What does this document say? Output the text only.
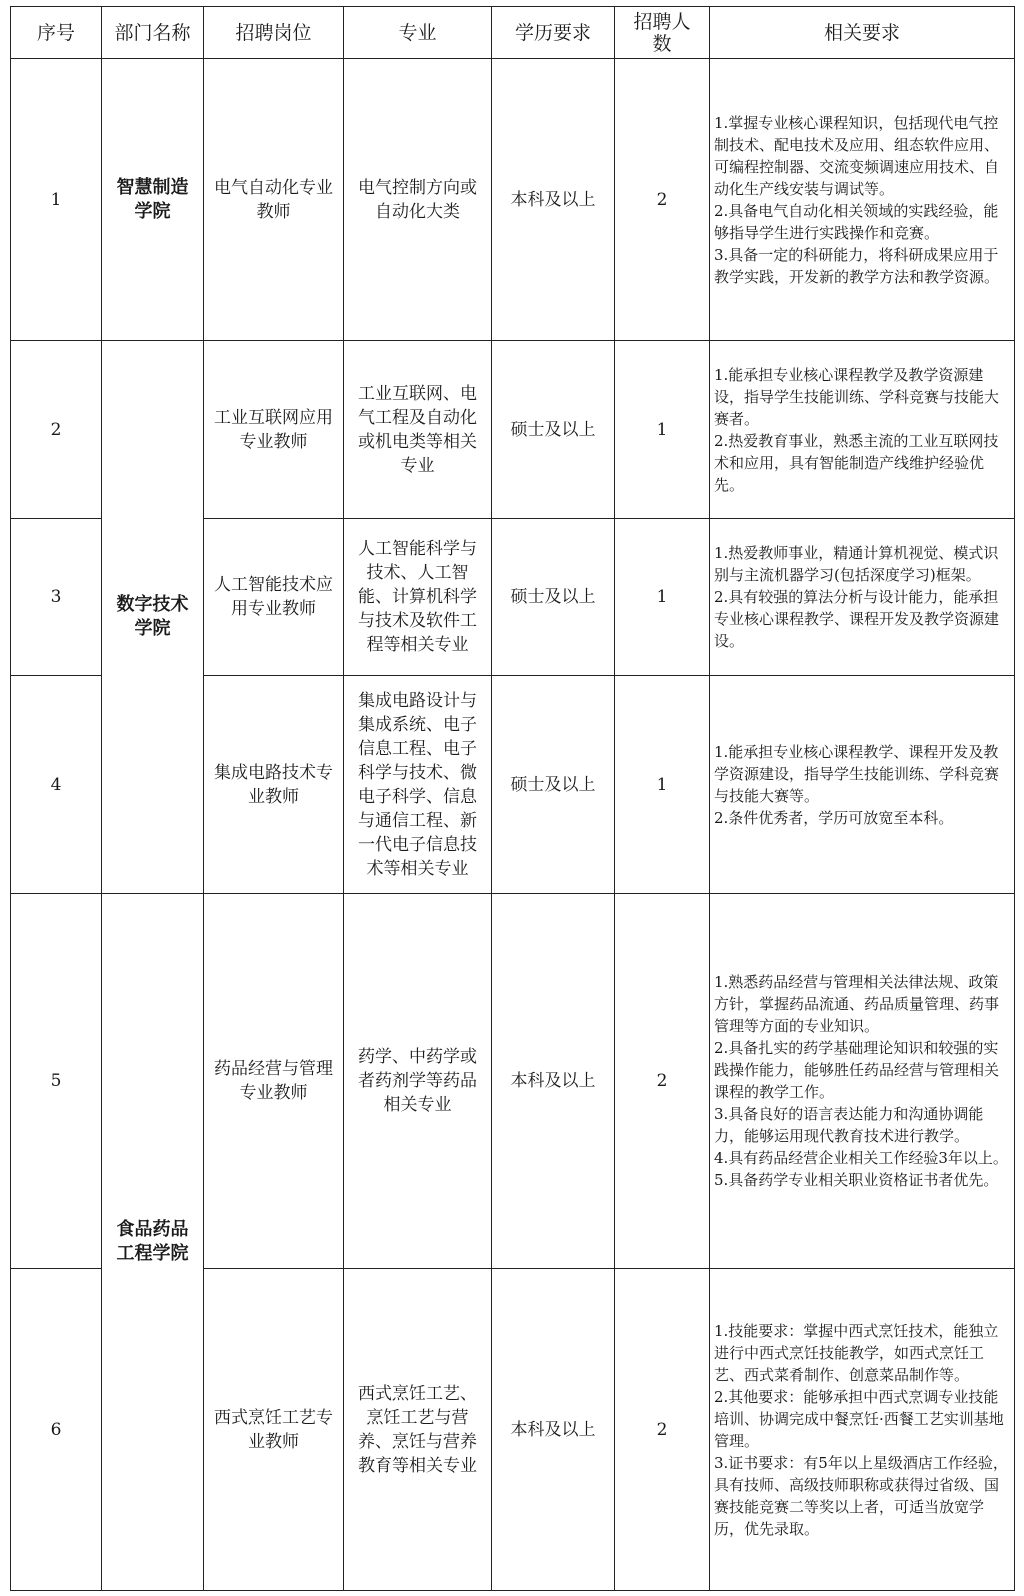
序号	部门名称	招聘岗位	专业	学历要求	招聘人数	相关要求
1	智慧制造学院	电气自动化专业教师	电气控制方向或自动化大类	本科及以上	2	1.掌握专业核心课程知识，包括现代电气控制技术、配电技术及应用、组态软件应用、可编程控制器、交流变频调速应用技术、自动化生产线安装与调试等。
2.具备电气自动化相关领域的实践经验，能够指导学生进行实践操作和竞赛。
3.具备一定的科研能力，将科研成果应用于教学实践，开发新的教学方法和教学资源。

2	数字技术学院	工业互联网应用专业教师	工业互联网、电气工程及自动化或机电类等相关专业	硕士及以上	1	1.能承担专业核心课程教学及教学资源建设，指导学生技能训练、学科竞赛与技能大赛者。
2.热爱教育事业，熟悉主流的工业互联网技术和应用，具有智能制造产线维护经验优先。

3		人工智能技术应用专业教师	人工智能科学与技术、人工智能、计算机科学与技术及软件工程等相关专业	硕士及以上	1	1.热爱教师事业，精通计算机视觉、模式识别与主流机器学习(包括深度学习)框架。
2.具有较强的算法分析与设计能力，能承担专业核心课程教学、课程开发及教学资源建设。

4		集成电路技术专业教师	集成电路设计与集成系统、电子信息工程、电子科学与技术、微电子科学、信息与通信工程、新一代电子信息技术等相关专业	硕士及以上	1	1.能承担专业核心课程教学、课程开发及教学资源建设，指导学生技能训练、学科竞赛与技能大赛等。
2.条件优秀者，学历可放宽至本科。

5	食品药品工程学院	药品经营与管理专业教师	药学、中药学或者药剂学等药品相关专业	本科及以上	2	1.熟悉药品经营与管理相关法律法规、政策方针，掌握药品流通、药品质量管理、药事管理等方面的专业知识。
2.具备扎实的药学基础理论知识和较强的实践操作能力，能够胜任药品经营与管理相关课程的教学工作。
3.具备良好的语言表达能力和沟通协调能力，能够运用现代教育技术进行教学。
4.具有药品经营企业相关工作经验3年以上。
5.具备药学专业相关职业资格证书者优先。

6		西式烹饪工艺专业教师	西式烹饪工艺、烹饪工艺与营养、烹饪与营养教育等相关专业	本科及以上	2	1.技能要求：掌握中西式烹饪技术，能独立进行中西式烹饪技能教学，如西式烹饪工艺、西式菜肴制作、创意菜品制作等。
2.其他要求：能够承担中西式烹调专业技能培训、协调完成中餐烹饪·西餐工艺实训基地管理。
3.证书要求：有5年以上星级酒店工作经验，具有技师、高级技师职称或获得过省级、国赛技能竞赛二等奖以上者，可适当放宽学历，优先录取。
